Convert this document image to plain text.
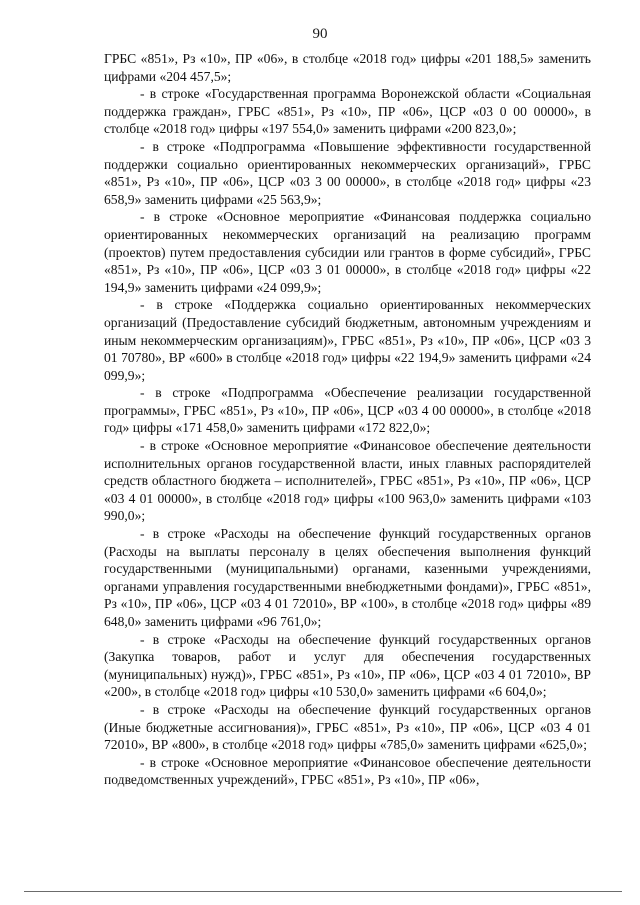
90

ГРБС «851», Рз «10», ПР «06», в столбце «2018 год» цифры «201 188,5» заменить цифрами «204 457,5»;

- в строке «Государственная программа Воронежской области «Социальная поддержка граждан», ГРБС «851», Рз «10», ПР «06», ЦСР «03 0 00 00000», в столбце «2018 год» цифры «197 554,0» заменить цифрами «200 823,0»;

- в строке «Подпрограмма «Повышение эффективности государственной поддержки социально ориентированных некоммерческих организаций», ГРБС «851», Рз «10», ПР «06», ЦСР «03 3 00 00000», в столбце «2018 год» цифры «23 658,9» заменить цифрами «25 563,9»;

- в строке «Основное мероприятие «Финансовая поддержка социально ориентированных некоммерческих организаций на реализацию программ (проектов) путем предоставления субсидии или грантов в форме субсидий», ГРБС «851», Рз «10», ПР «06», ЦСР «03 3 01 00000», в столбце «2018 год» цифры «22 194,9» заменить цифрами «24 099,9»;

- в строке «Поддержка социально ориентированных некоммерческих организаций (Предоставление субсидий бюджетным, автономным учреждениям и иным некоммерческим организациям)», ГРБС «851», Рз «10», ПР «06», ЦСР «03 3 01 70780», ВР «600» в столбце «2018 год» цифры «22 194,9» заменить цифрами «24 099,9»;

- в строке «Подпрограмма «Обеспечение реализации государственной программы», ГРБС «851», Рз «10», ПР «06», ЦСР «03 4 00 00000», в столбце «2018 год» цифры «171 458,0» заменить цифрами «172 822,0»;

- в строке «Основное мероприятие «Финансовое обеспечение деятельности исполнительных органов государственной власти, иных главных распорядителей средств областного бюджета – исполнителей», ГРБС «851», Рз «10», ПР «06», ЦСР «03 4 01 00000», в столбце «2018 год» цифры «100 963,0» заменить цифрами «103 990,0»;

- в строке «Расходы на обеспечение функций государственных органов (Расходы на выплаты персоналу в целях обеспечения выполнения функций государственными (муниципальными) органами, казенными учреждениями, органами управления государственными внебюджетными фондами)», ГРБС «851», Рз «10», ПР «06», ЦСР «03 4 01 72010», ВР «100», в столбце «2018 год» цифры «89 648,0» заменить цифрами «96 761,0»;

- в строке «Расходы на обеспечение функций государственных органов (Закупка товаров, работ и услуг для обеспечения государственных (муниципальных) нужд)», ГРБС «851», Рз «10», ПР «06», ЦСР «03 4 01 72010», ВР «200», в столбце «2018 год» цифры «10 530,0» заменить цифрами «6 604,0»;

- в строке «Расходы на обеспечение функций государственных органов (Иные бюджетные ассигнования)», ГРБС «851», Рз «10», ПР «06», ЦСР «03 4 01 72010», ВР «800», в столбце «2018 год» цифры «785,0» заменить цифрами «625,0»;

- в строке «Основное мероприятие «Финансовое обеспечение деятельности подведомственных учреждений», ГРБС «851», Рз «10», ПР «06»,
